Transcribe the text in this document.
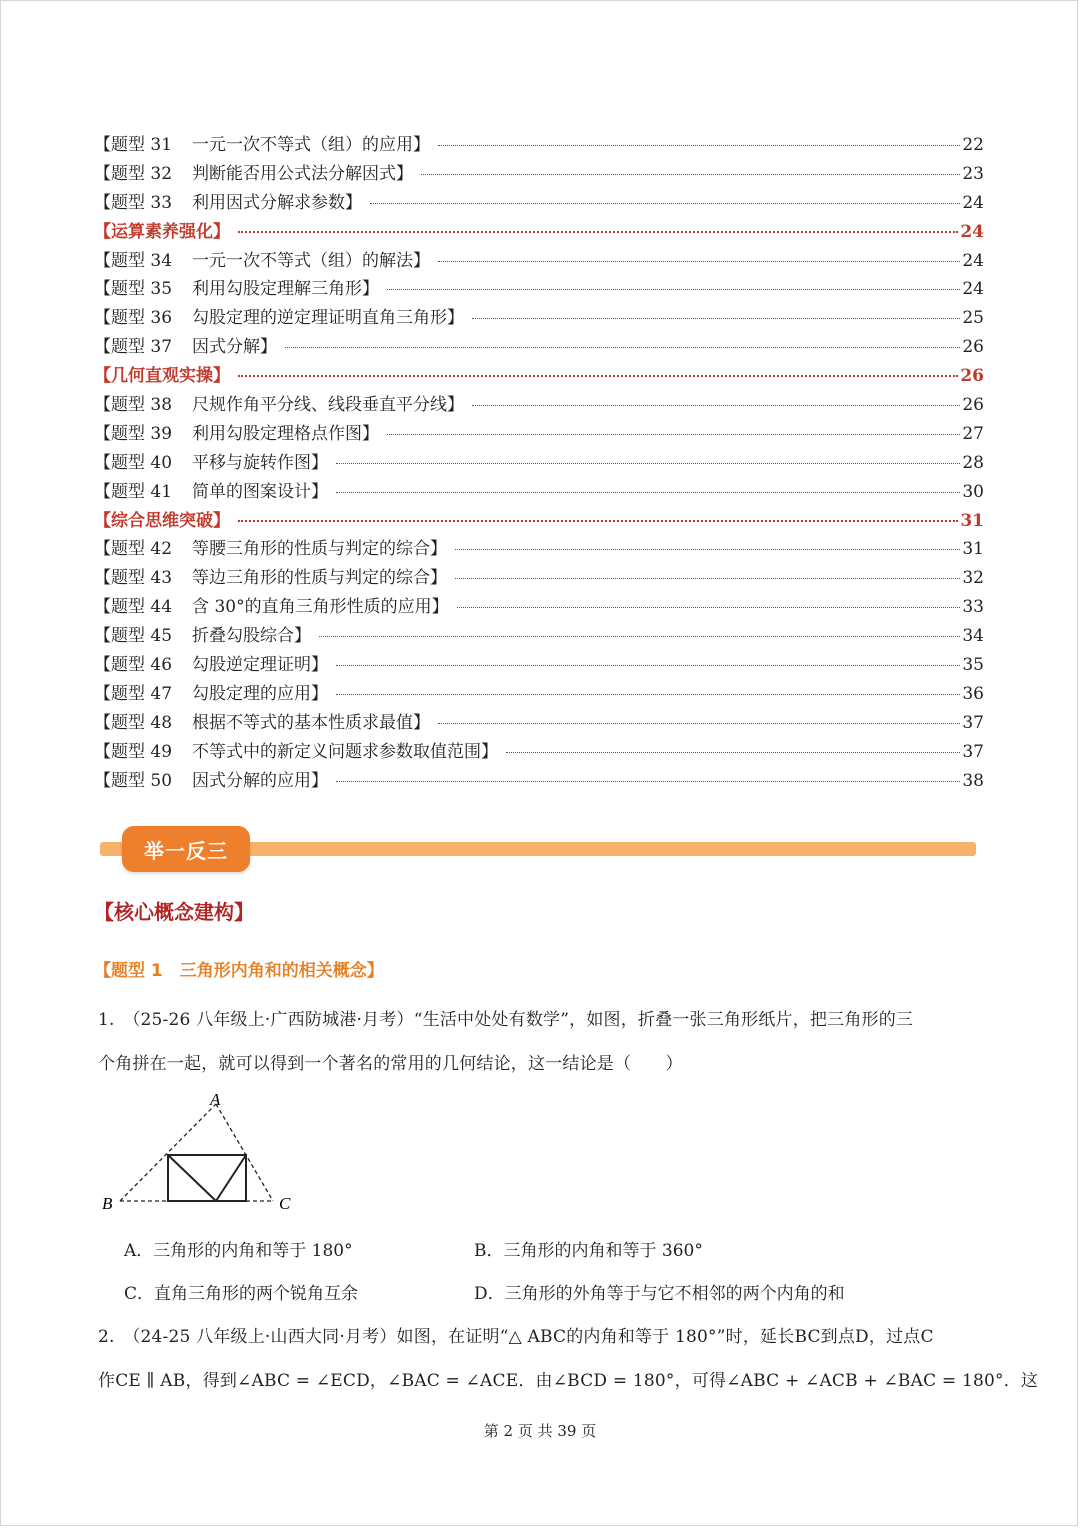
【题型 31 一元一次不等式（组）的应用】	22
【题型 32 判断能否用公式法分解因式】	23
【题型 33 利用因式分解求参数】	24
【运算素养强化】	24
【题型 34 一元一次不等式（组）的解法】	24
【题型 35 利用勾股定理解三角形】	24
【题型 36 勾股定理的逆定理证明直角三角形】	25
【题型 37 因式分解】	26
【几何直观实操】	26
【题型 38 尺规作角平分线、线段垂直平分线】	26
【题型 39 利用勾股定理格点作图】	27
【题型 40 平移与旋转作图】	28
【题型 41 简单的图案设计】	30
【综合思维突破】	31
【题型 42 等腰三角形的性质与判定的综合】	31
【题型 43 等边三角形的性质与判定的综合】	32
【题型 44 含 30°的直角三角形性质的应用】	33
【题型 45 折叠勾股综合】	34
【题型 46 勾股逆定理证明】	35
【题型 47 勾股定理的应用】	36
【题型 48 根据不等式的基本性质求最值】	37
【题型 49 不等式中的新定义问题求参数取值范围】	37
【题型 50 因式分解的应用】	38
举一反三
【核心概念建构】
【题型 1　三角形内角和的相关概念】
1.　（25-26 八年级上·广西防城港·月考）“生活中处处有数学”，如图，折叠一张三角形纸片，把三角形的三
个角拼在一起，就可以得到一个著名的常用的几何结论，这一结论是（　　）
A
B	C
A．三角形的内角和等于 180°	B．三角形的内角和等于 360°
C．直角三角形的两个锐角互余	D．三角形的外角等于与它不相邻的两个内角的和
2.　（24-25 八年级上·山西大同·月考）如图，在证明“△ ABC的内角和等于 180°”时，延长BC到点D，过点C
作CE ∥ AB，得到∠ABC = ∠ECD，∠BAC = ∠ACE．由∠BCD = 180°，可得∠ABC + ∠ACB + ∠BAC = 180°．这
第 2 页 共 39 页
